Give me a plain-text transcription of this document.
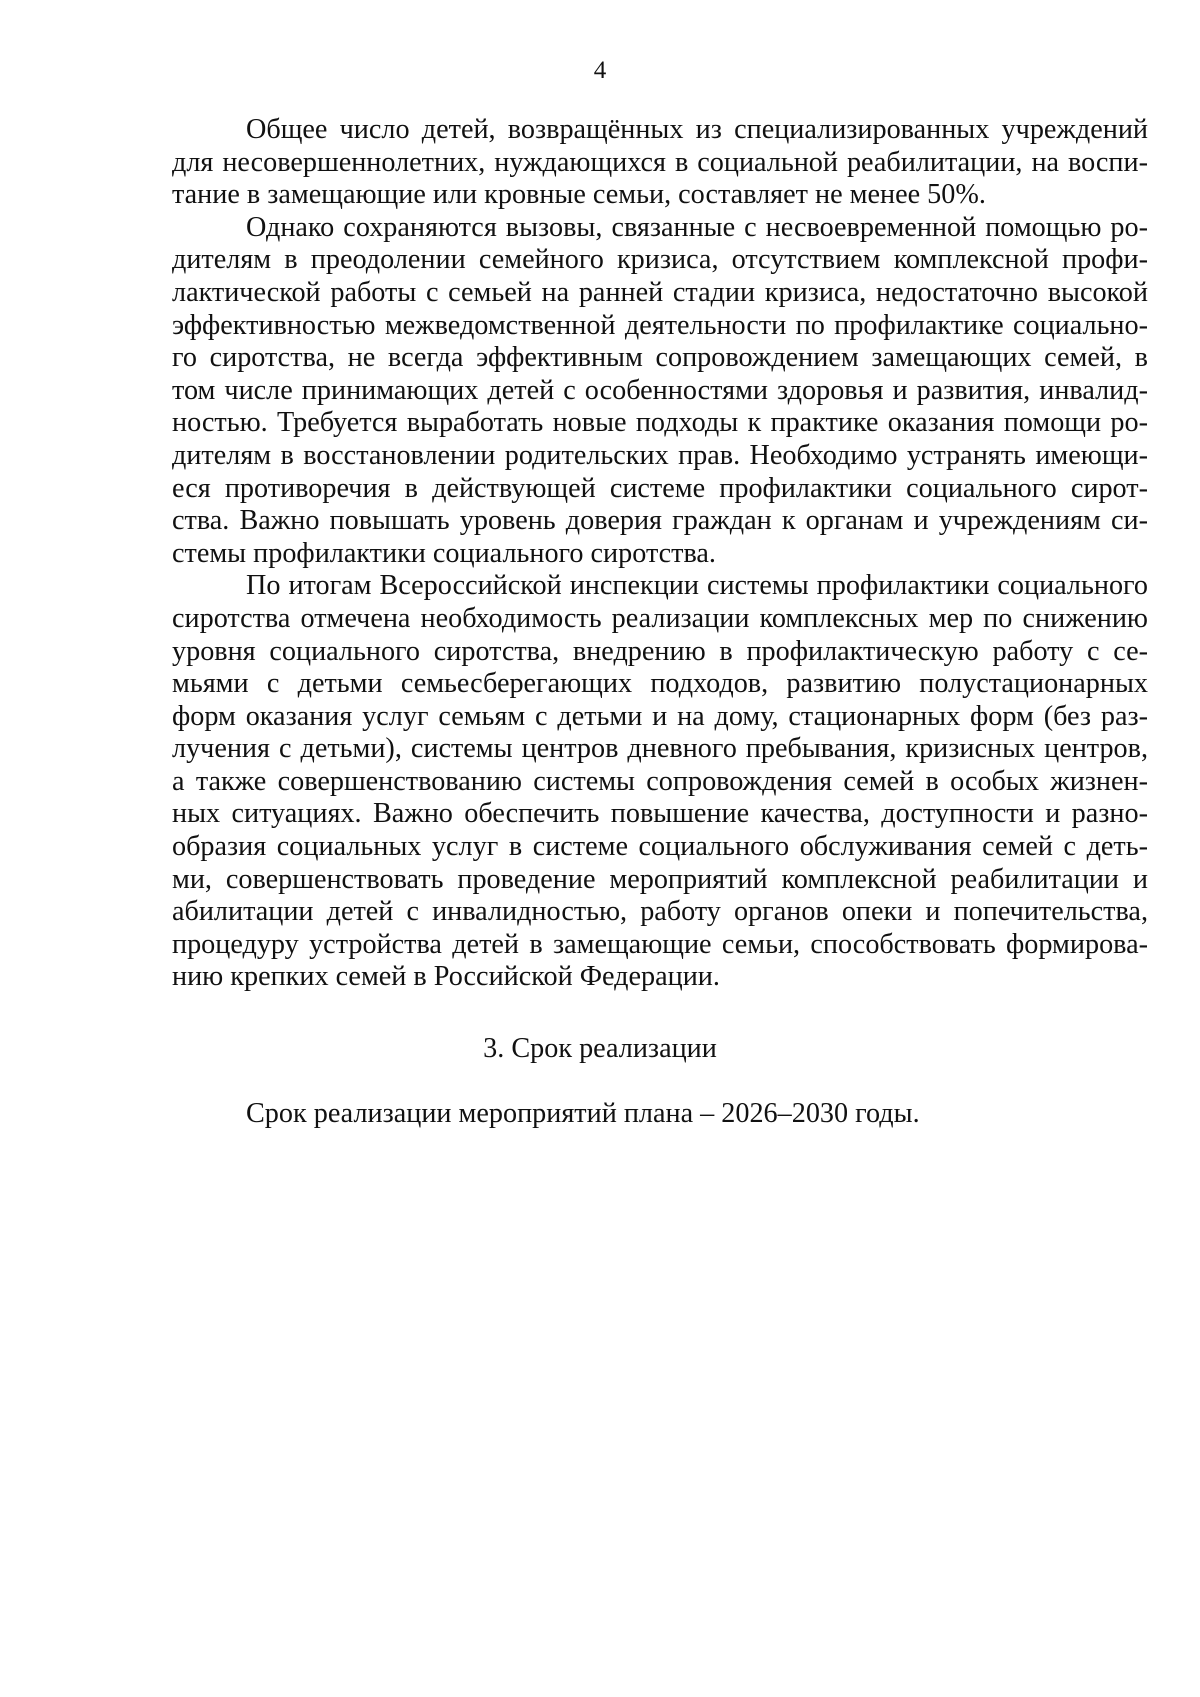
4

Общее число детей, возвращённых из специализированных учреждений
для несовершеннолетних, нуждающихся в социальной реабилитации, на воспи-
тание в замещающие или кровные семьи, составляет не менее 50%.

Однако сохраняются вызовы, связанные с несвоевременной помощью ро-
дителям в преодолении семейного кризиса, отсутствием комплексной профи-
лактической работы с семьей на ранней стадии кризиса, недостаточно высокой
эффективностью межведомственной деятельности по профилактике социально-
го сиротства, не всегда эффективным сопровождением замещающих семей, в
том числе принимающих детей с особенностями здоровья и развития, инвалид-
ностью. Требуется выработать новые подходы к практике оказания помощи ро-
дителям в восстановлении родительских прав. Необходимо устранять имеющи-
еся противоречия в действующей системе профилактики социального сирот-
ства. Важно повышать уровень доверия граждан к органам и учреждениям си-
стемы профилактики социального сиротства.

По итогам Всероссийской инспекции системы профилактики социального
сиротства отмечена необходимость реализации комплексных мер по снижению
уровня социального сиротства, внедрению в профилактическую работу с се-
мьями с детьми семьесберегающих подходов, развитию полустационарных
форм оказания услуг семьям с детьми и на дому, стационарных форм (без раз-
лучения с детьми), системы центров дневного пребывания, кризисных центров,
а также совершенствованию системы сопровождения семей в особых жизнен-
ных ситуациях. Важно обеспечить повышение качества, доступности и разно-
образия социальных услуг в системе социального обслуживания семей с деть-
ми, совершенствовать проведение мероприятий комплексной реабилитации и
абилитации детей с инвалидностью, работу органов опеки и попечительства,
процедуру устройства детей в замещающие семьи, способствовать формирова-
нию крепких семей в Российской Федерации.

3. Срок реализации

Срок реализации мероприятий плана – 2026–2030 годы.
